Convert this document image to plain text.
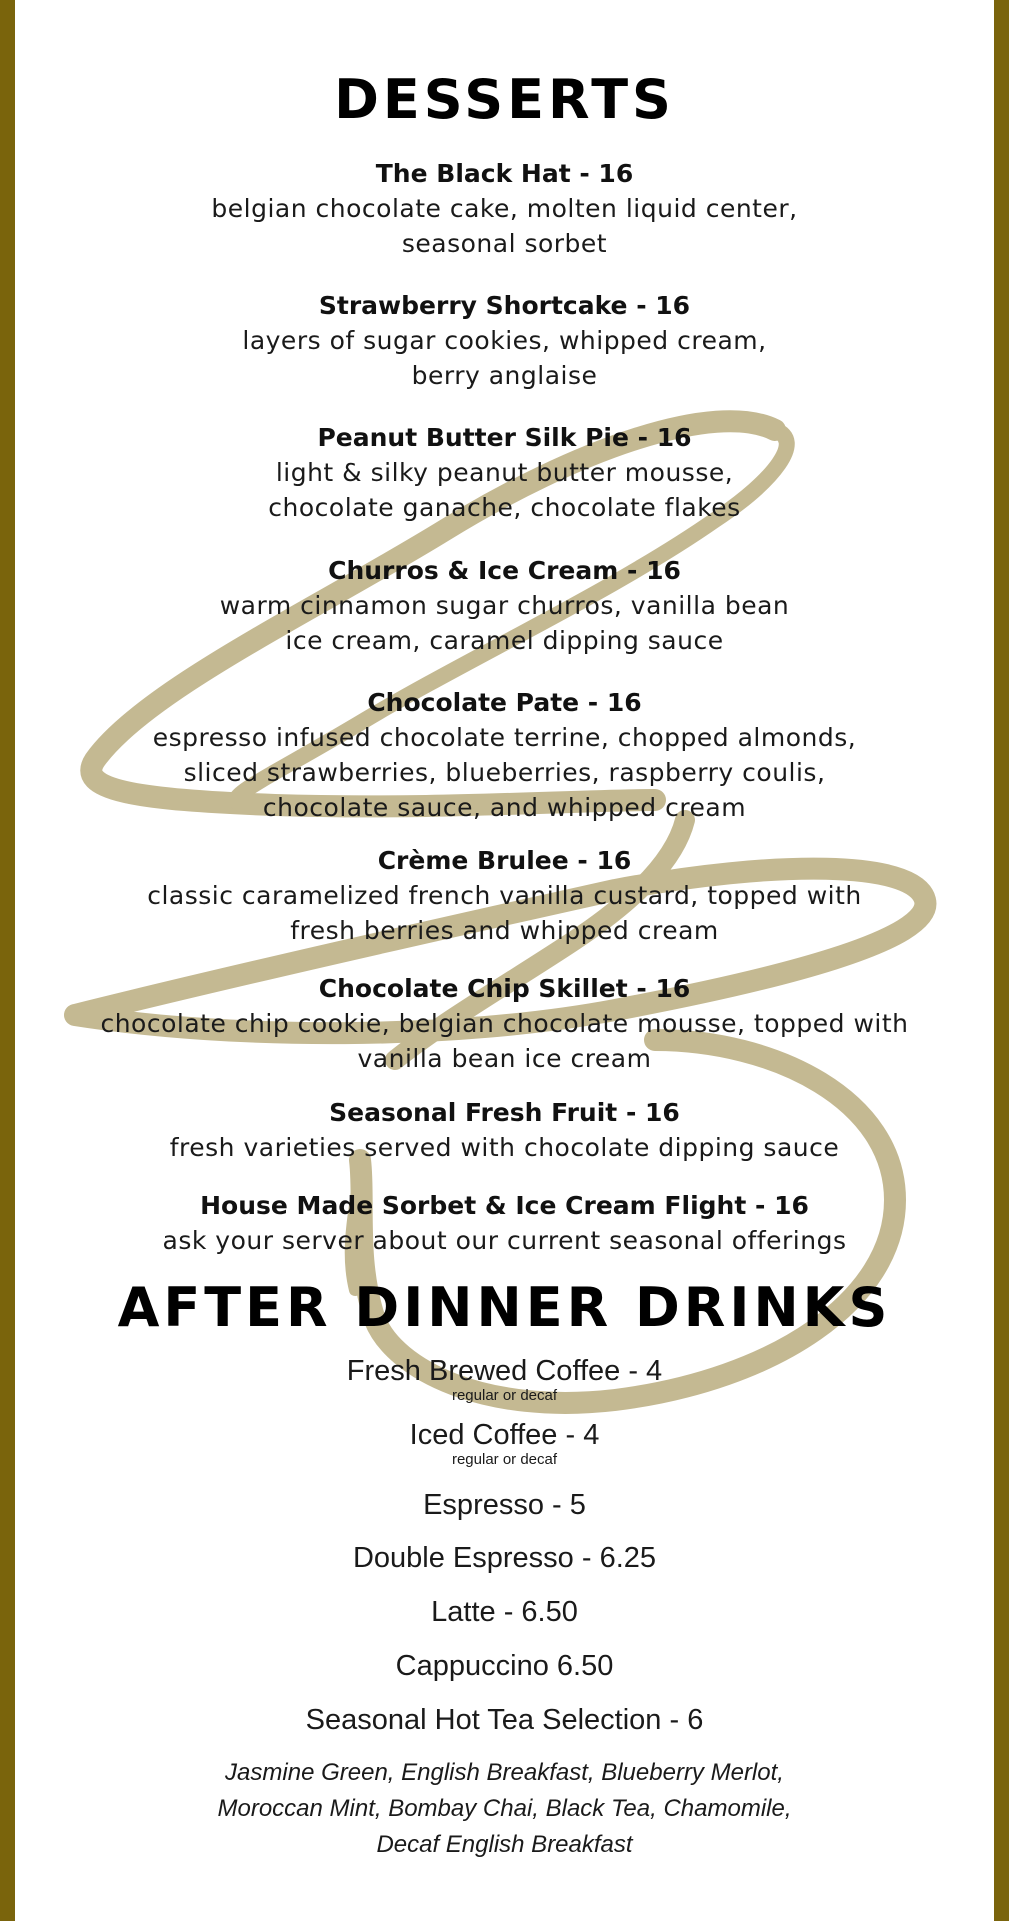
DESSERTS
The Black Hat - 16
belgian chocolate cake, molten liquid center,
seasonal sorbet
Strawberry Shortcake - 16
layers of sugar cookies, whipped cream,
berry anglaise
Peanut Butter Silk Pie - 16
light & silky peanut butter mousse,
chocolate ganache, chocolate flakes
Churros & Ice Cream - 16
warm cinnamon sugar churros, vanilla bean
ice cream, caramel dipping sauce
Chocolate Pate - 16
espresso infused chocolate terrine, chopped almonds,
sliced strawberries, blueberries, raspberry coulis,
chocolate sauce, and whipped cream
Crème Brulee - 16
classic caramelized french vanilla custard, topped with
fresh berries and whipped cream
Chocolate Chip Skillet - 16
chocolate chip cookie, belgian chocolate mousse, topped with
vanilla bean ice cream
Seasonal Fresh Fruit - 16
fresh varieties served with chocolate dipping sauce
House Made Sorbet & Ice Cream Flight - 16
ask your server about our current seasonal offerings
AFTER DINNER DRINKS
Fresh Brewed Coffee - 4
regular or decaf
Iced Coffee - 4
regular or decaf
Espresso - 5
Double Espresso - 6.25
Latte - 6.50
Cappuccino 6.50
Seasonal Hot Tea Selection - 6
Jasmine Green, English Breakfast, Blueberry Merlot,
Moroccan Mint, Bombay Chai, Black Tea, Chamomile,
Decaf English Breakfast
